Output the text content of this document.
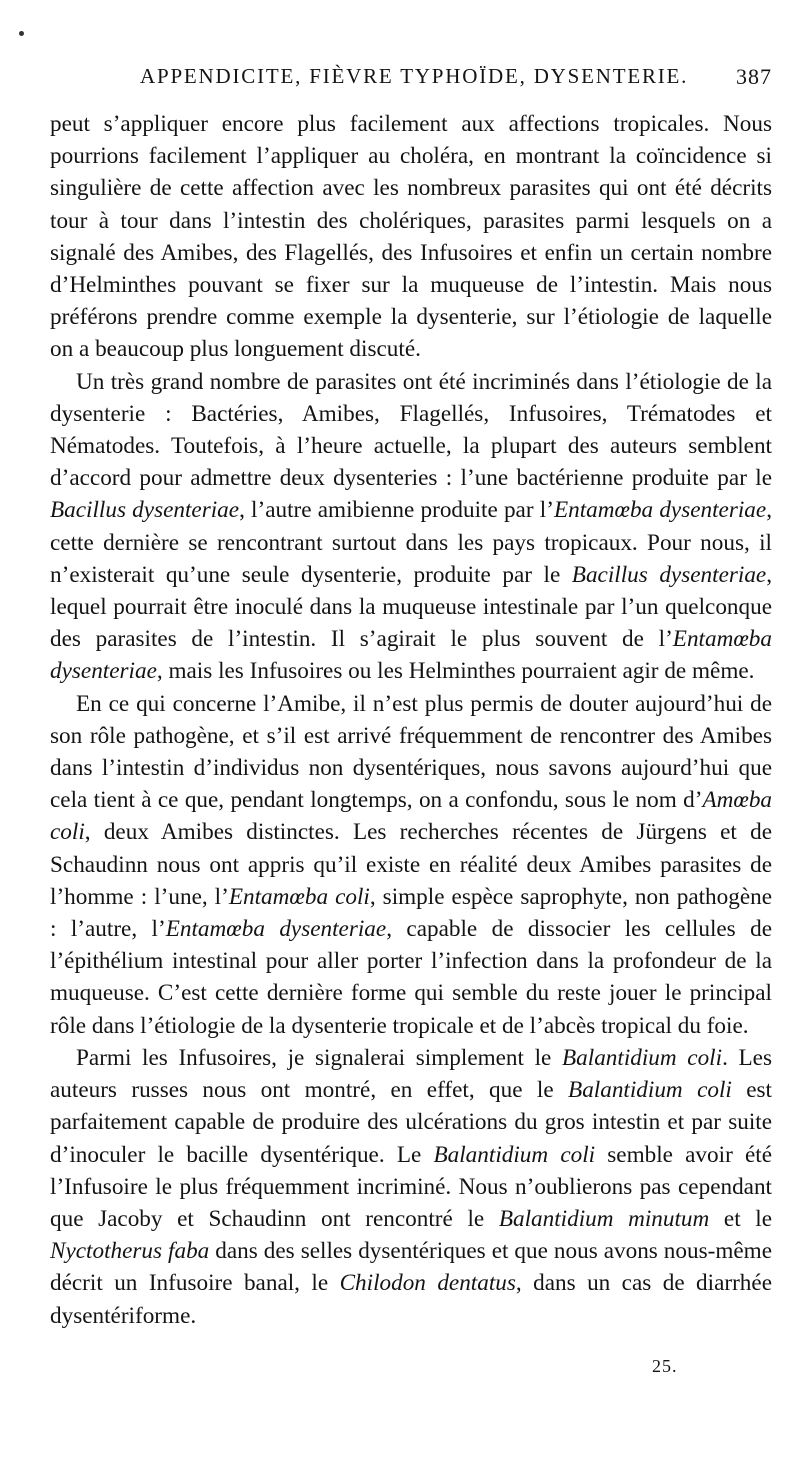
APPENDICITE, FIÈVRE TYPHOÏDE, DYSENTERIE. 387

peut s’appliquer encore plus facilement aux affections tropicales. Nous pourrions facilement l’appliquer au choléra, en montrant la coïncidence si singulière de cette affection avec les nombreux parasites qui ont été décrits tour à tour dans l’intestin des cholériques, parasites parmi lesquels on a signalé des Amibes, des Flagellés, des Infusoires et enfin un certain nombre d’Helminthes pouvant se fixer sur la muqueuse de l’intestin. Mais nous préférons prendre comme exemple la dysenterie, sur l’étiologie de laquelle on a beaucoup plus longuement discuté.

Un très grand nombre de parasites ont été incriminés dans l’étiologie de la dysenterie : Bactéries, Amibes, Flagellés, Infusoires, Trématodes et Nématodes. Toutefois, à l’heure actuelle, la plupart des auteurs semblent d’accord pour admettre deux dysenteries : l’une bactérienne produite par le Bacillus dysenteriae, l’autre amibienne produite par l’Entamœba dysenteriae, cette dernière se rencontrant surtout dans les pays tropicaux. Pour nous, il n’existerait qu’une seule dysenterie, produite par le Bacillus dysenteriae, lequel pourrait être inoculé dans la muqueuse intestinale par l’un quelconque des parasites de l’intestin. Il s’agirait le plus souvent de l’Entamœba dysenteriae, mais les Infusoires ou les Helminthes pourraient agir de même.

En ce qui concerne l’Amibe, il n’est plus permis de douter aujourd’hui de son rôle pathogène, et s’il est arrivé fréquemment de rencontrer des Amibes dans l’intestin d’individus non dysentériques, nous savons aujourd’hui que cela tient à ce que, pendant longtemps, on a confondu, sous le nom d’Amœba coli, deux Amibes distinctes. Les recherches récentes de Jürgens et de Schaudinn nous ont appris qu’il existe en réalité deux Amibes parasites de l’homme : l’une, l’Entamœba coli, simple espèce saprophyte, non pathogène : l’autre, l’Entamœba dysenteriae, capable de dissocier les cellules de l’épithélium intestinal pour aller porter l’infection dans la profondeur de la muqueuse. C’est cette dernière forme qui semble du reste jouer le principal rôle dans l’étiologie de la dysenterie tropicale et de l’abcès tropical du foie.

Parmi les Infusoires, je signalerai simplement le Balantidium coli. Les auteurs russes nous ont montré, en effet, que le Balantidium coli est parfaitement capable de produire des ulcérations du gros intestin et par suite d’inoculer le bacille dysentérique. Le Balantidium coli semble avoir été l’Infusoire le plus fréquemment incriminé. Nous n’oublierons pas cependant que Jacoby et Schaudinn ont rencontré le Balantidium minutum et le Nyctotherus faba dans des selles dysentériques et que nous avons nous-même décrit un Infusoire banal, le Chilodon dentatus, dans un cas de diarrhée dysentériforme.

25.
